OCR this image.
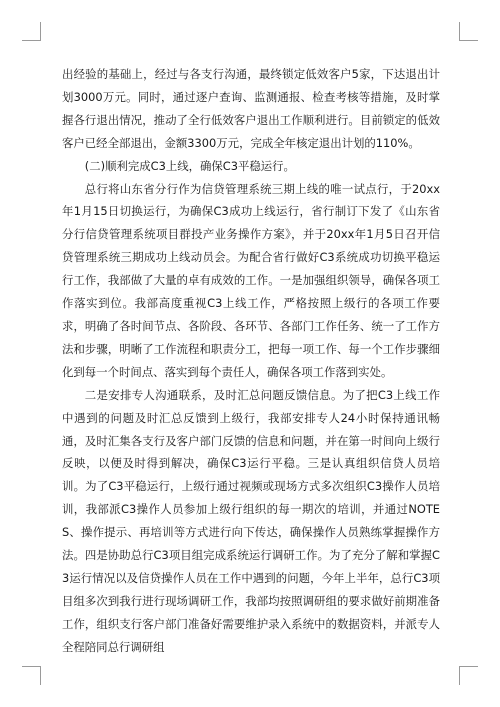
出经验的基础上，经过与各支行沟通，最终锁定低效客户5家，下达退出计划3000万元。同时，通过逐户查询、监测通报、检查考核等措施，及时掌握各行退出情况，推动了全行低效客户退出工作顺利进行。目前锁定的低效客户已经全部退出，金额3300万元，完成全年核定退出计划的110%。

(二)顺利完成C3上线，确保C3平稳运行。

总行将山东省分行作为信贷管理系统三期上线的唯一试点行，于20xx年1月15日切换运行，为确保C3成功上线运行，省行制订下发了《山东省分行信贷管理系统项目群投产业务操作方案》，并于20xx年1月5日召开信贷管理系统三期成功上线动员会。为配合省行做好C3系统成功切换平稳运行工作，我部做了大量的卓有成效的工作。一是加强组织领导，确保各项工作落实到位。我部高度重视C3上线工作，严格按照上级行的各项工作要求，明确了各时间节点、各阶段、各环节、各部门工作任务、统一了工作方法和步骤，明晰了工作流程和职责分工，把每一项工作、每一个工作步骤细化到每一个时间点、落实到每个责任人，确保各项工作落到实处。

二是安排专人沟通联系，及时汇总问题反馈信息。为了把C3上线工作中遇到的问题及时汇总反馈到上级行，我部安排专人24小时保持通讯畅通，及时汇集各支行及客户部门反馈的信息和问题，并在第一时间向上级行反映，以便及时得到解决，确保C3运行平稳。三是认真组织信贷人员培训。为了C3平稳运行，上级行通过视频或现场方式多次组织C3操作人员培训，我部派C3操作人员参加上级行组织的每一期次的培训，并通过NOTES、操作提示、再培训等方式进行向下传达，确保操作人员熟练掌握操作方法。四是协助总行C3项目组完成系统运行调研工作。为了充分了解和掌握C3运行情况以及信贷操作人员在工作中遇到的问题，今年上半年，总行C3项目组多次到我行进行现场调研工作，我部均按照调研组的要求做好前期准备工作，组织支行客户部门准备好需要维护录入系统中的数据资料，并派专人全程陪同总行调研组
